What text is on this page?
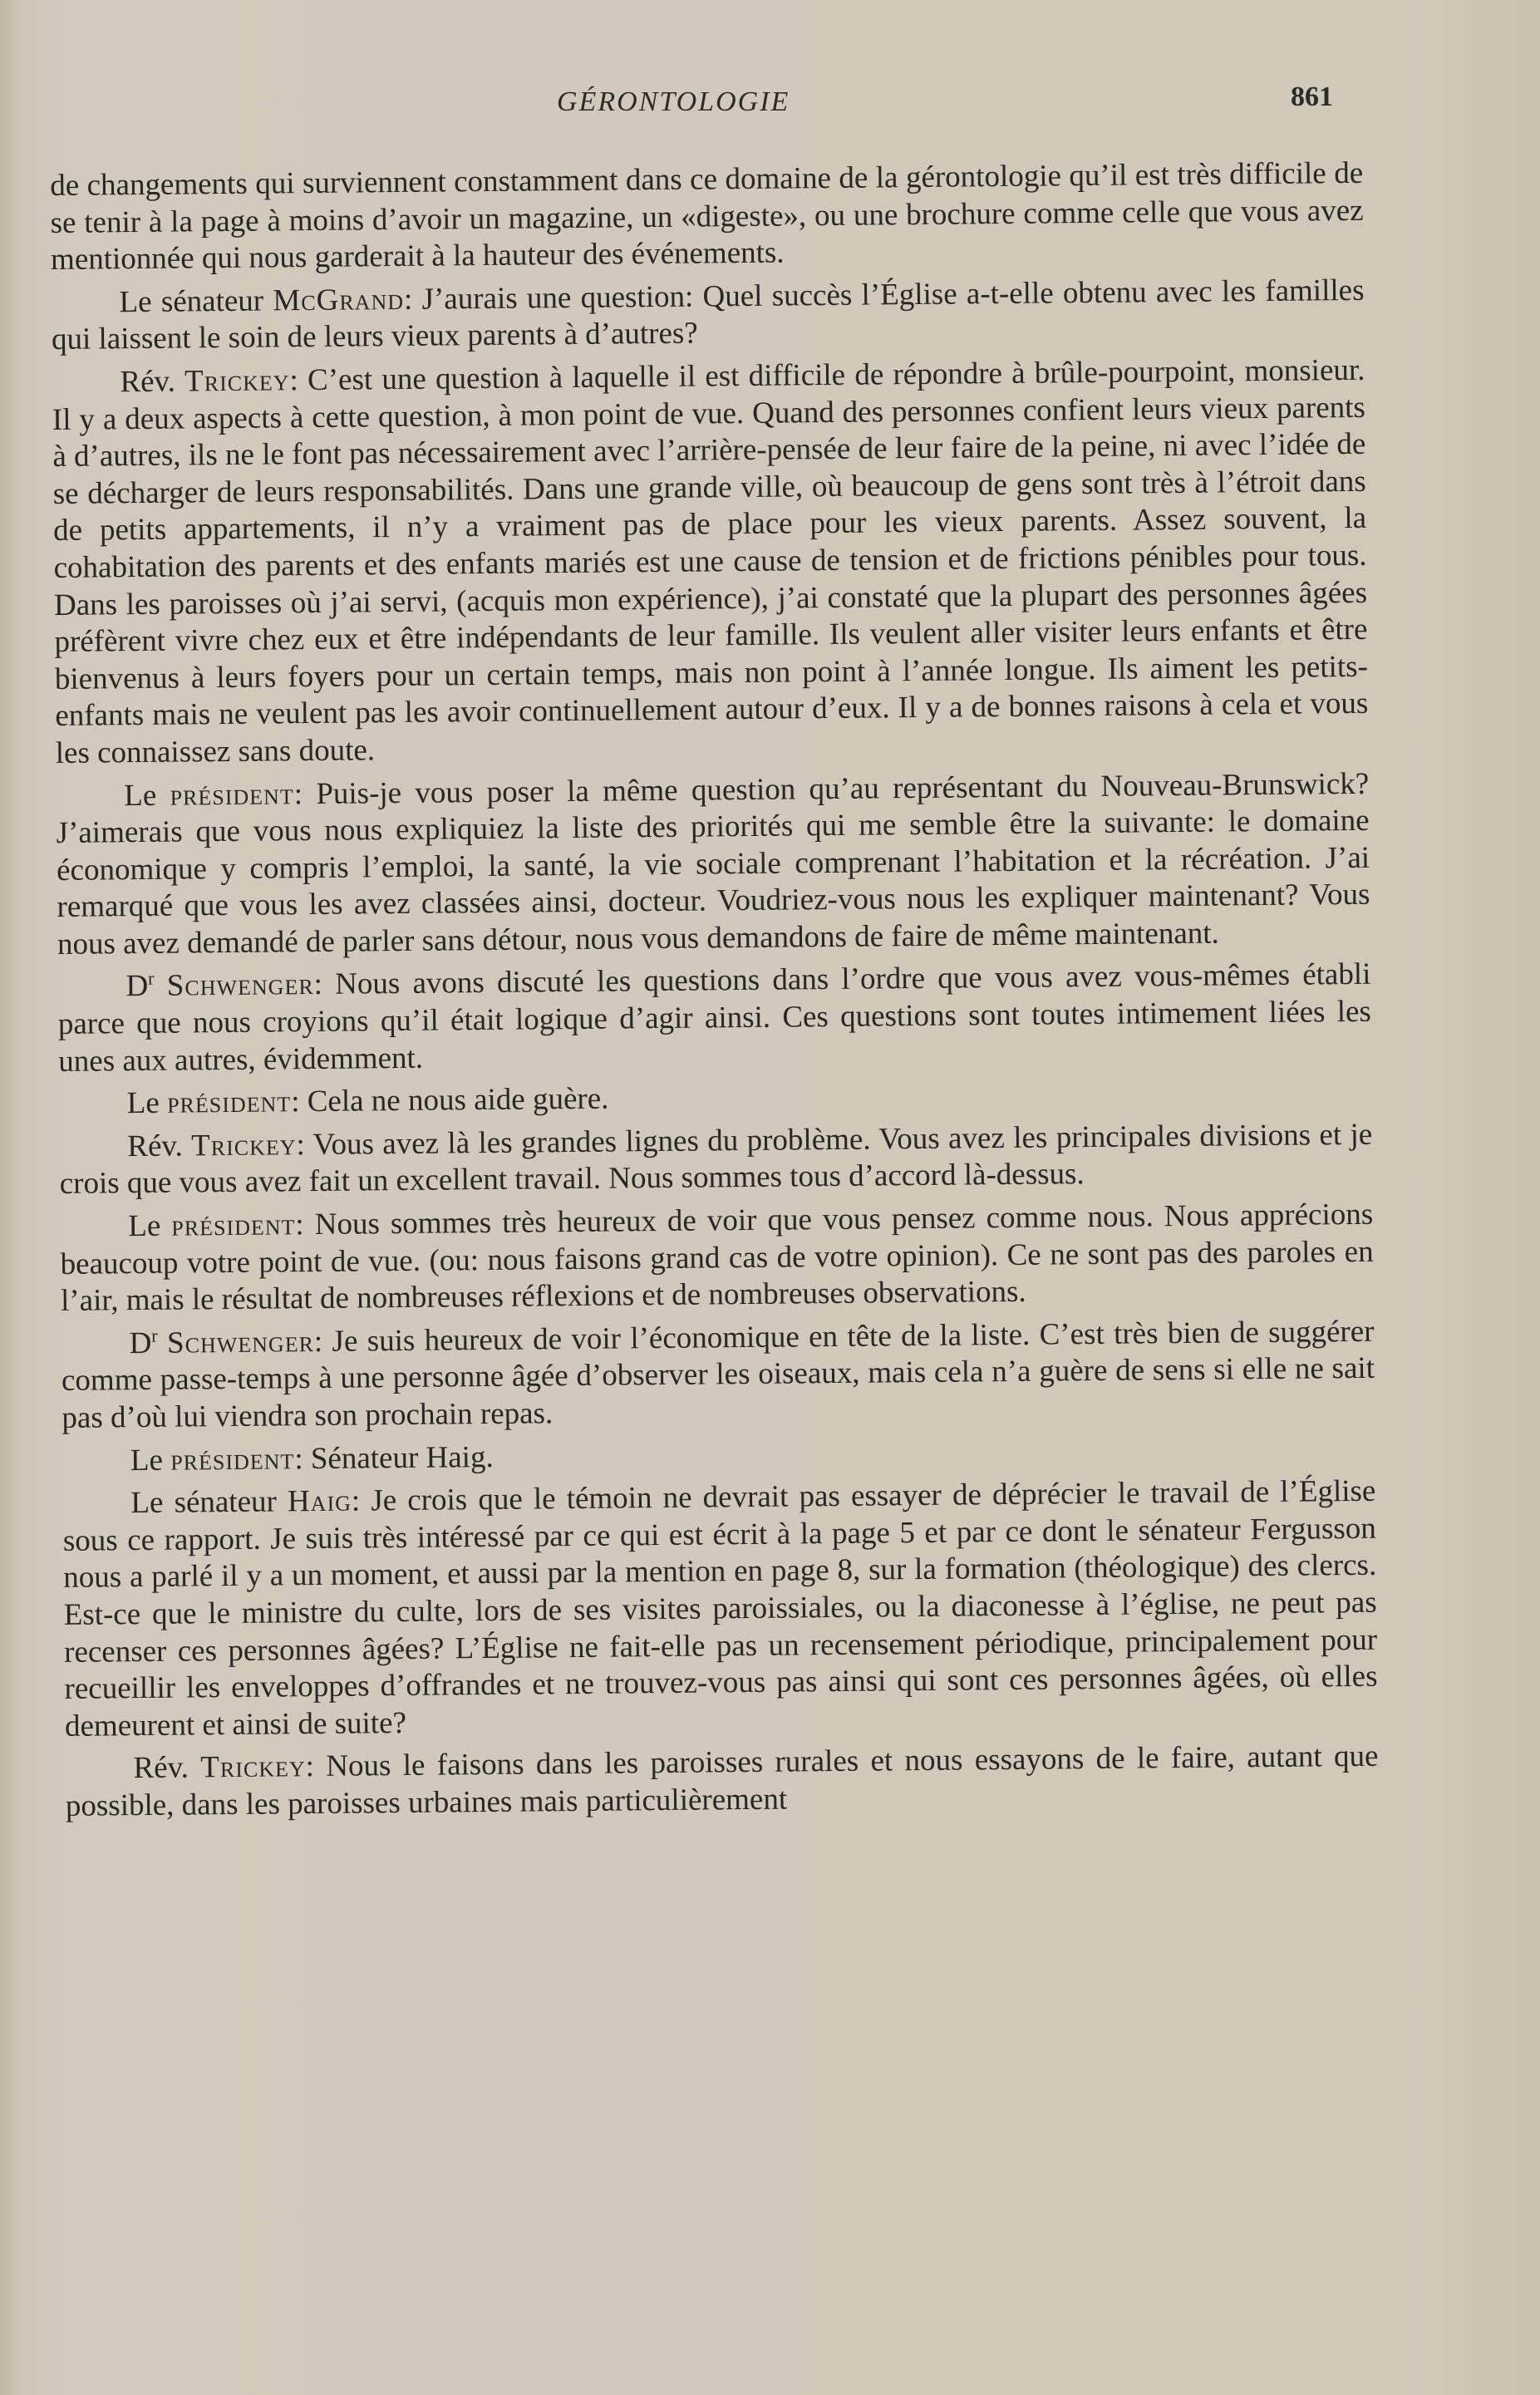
GÉRONTOLOGIE	861

de changements qui surviennent constamment dans ce domaine de la gérontologie qu’il est très difficile de se tenir à la page à moins d’avoir un magazine, un «digeste», ou une brochure comme celle que vous avez mentionnée qui nous garderait à la hauteur des événements.

Le sénateur McGrand: J’aurais une question: Quel succès l’Église a-t-elle obtenu avec les familles qui laissent le soin de leurs vieux parents à d’autres?

Rév. Trickey: C’est une question à laquelle il est difficile de répondre à brûle-pourpoint, monsieur. Il y a deux aspects à cette question, à mon point de vue. Quand des personnes confient leurs vieux parents à d’autres, ils ne le font pas nécessairement avec l’arrière-pensée de leur faire de la peine, ni avec l’idée de se décharger de leurs responsabilités. Dans une grande ville, où beaucoup de gens sont très à l’étroit dans de petits appartements, il n’y a vraiment pas de place pour les vieux parents. Assez souvent, la cohabitation des parents et des enfants mariés est une cause de tension et de frictions pénibles pour tous. Dans les paroisses où j’ai servi, (acquis mon expérience), j’ai constaté que la plupart des personnes âgées préfèrent vivre chez eux et être indépendants de leur famille. Ils veulent aller visiter leurs enfants et être bienvenus à leurs foyers pour un certain temps, mais non point à l’année longue. Ils aiment les petits-enfants mais ne veulent pas les avoir continuellement autour d’eux. Il y a de bonnes raisons à cela et vous les connaissez sans doute.

Le président: Puis-je vous poser la même question qu’au représentant du Nouveau-Brunswick? J’aimerais que vous nous expliquiez la liste des priorités qui me semble être la suivante: le domaine économique y compris l’emploi, la santé, la vie sociale comprenant l’habitation et la récréation. J’ai remarqué que vous les avez classées ainsi, docteur. Voudriez-vous nous les expliquer maintenant? Vous nous avez demandé de parler sans détour, nous vous demandons de faire de même maintenant.

$D^r$ Schwenger: Nous avons discuté les questions dans l’ordre que vous avez vous-mêmes établi parce que nous croyions qu’il était logique d’agir ainsi. Ces questions sont toutes intimement liées les unes aux autres, évidemment.

Le président: Cela ne nous aide guère.

Rév. Trickey: Vous avez là les grandes lignes du problème. Vous avez les principales divisions et je crois que vous avez fait un excellent travail. Nous sommes tous d’accord là-dessus.

Le président: Nous sommes très heureux de voir que vous pensez comme nous. Nous apprécions beaucoup votre point de vue. (ou: nous faisons grand cas de votre opinion). Ce ne sont pas des paroles en l’air, mais le résultat de nombreuses réflexions et de nombreuses observations.

$D^r$ Schwenger: Je suis heureux de voir l’économique en tête de la liste. C’est très bien de suggérer comme passe-temps à une personne âgée d’observer les oiseaux, mais cela n’a guère de sens si elle ne sait pas d’où lui viendra son prochain repas.

Le président: Sénateur Haig.

Le sénateur Haig: Je crois que le témoin ne devrait pas essayer de déprécier le travail de l’Église sous ce rapport. Je suis très intéressé par ce qui est écrit à la page 5 et par ce dont le sénateur Fergusson nous a parlé il y a un moment, et aussi par la mention en page 8, sur la formation (théologique) des clercs. Est-ce que le ministre du culte, lors de ses visites paroissiales, ou la diaconesse à l’église, ne peut pas recenser ces personnes âgées? L’Église ne fait-elle pas un recensement périodique, principalement pour recueillir les enveloppes d’offrandes et ne trouvez-vous pas ainsi qui sont ces personnes âgées, où elles demeurent et ainsi de suite?

Rév. Trickey: Nous le faisons dans les paroisses rurales et nous essayons de le faire, autant que possible, dans les paroisses urbaines mais particulièrement
